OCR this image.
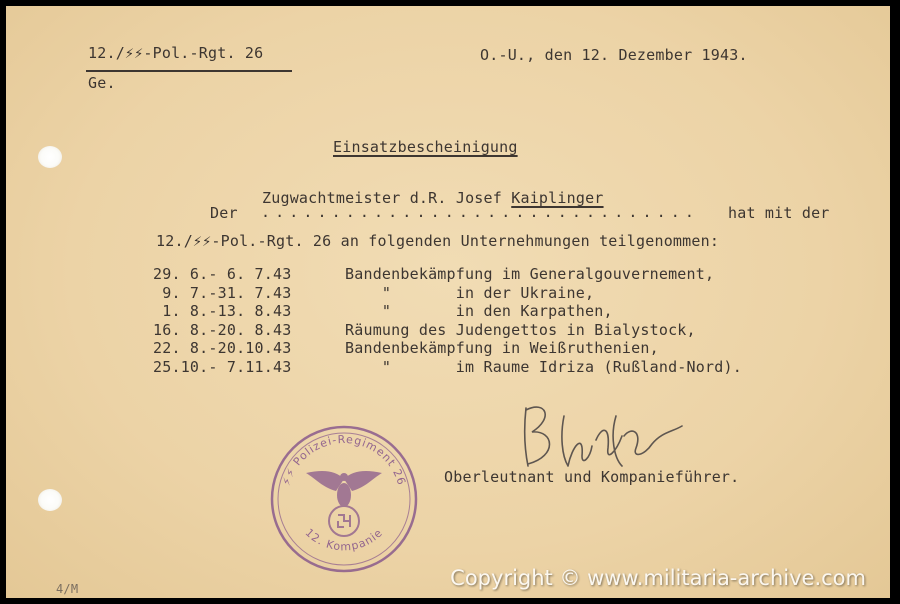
12./⚡⚡-Pol.-Rgt. 26
Ge.
O.-U., den 12. Dezember 1943.
Einsatzbescheinigung
Zugwachtmeister d.R. Josef Kaiplinger
Der ............................... hat mit der
12./⚡⚡-Pol.-Rgt. 26 an folgenden Unternehmungen teilgenommen:
29. 6.- 6. 7.43	Bandenbekämpfung im Generalgouvernement,
9. 7.-31. 7.43	"       in der Ukraine,
1. 8.-13. 8.43	"       in den Karpathen,
16. 8.-20. 8.43	Räumung des Judengettos in Bialystock,
22. 8.-20.10.43	Bandenbekämpfung in Weißruthenien,
25.10.- 7.11.43	"       im Raume Idriza (Rußland-Nord).
Oberleutnant und Kompanieführer.
⚡⚡ Polizei-Regiment 26
12. Kompanie
4/M	Copyright © www.militaria-archive.com
